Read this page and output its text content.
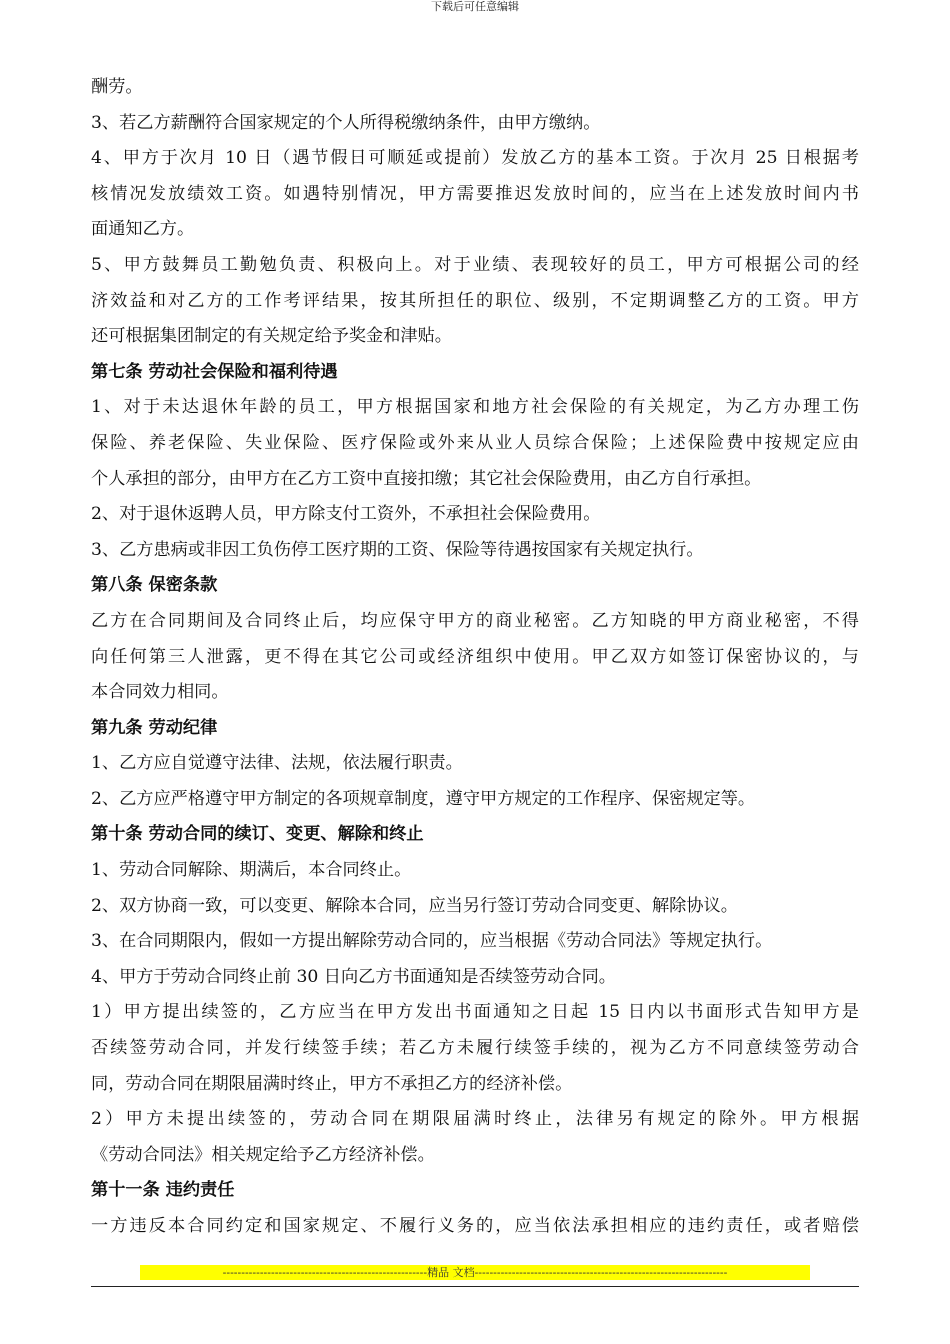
下载后可任意编辑
酬劳。
3、若乙方薪酬符合国家规定的个人所得税缴纳条件，由甲方缴纳。
4、甲方于次月 10 日（遇节假日可顺延或提前）发放乙方的基本工资。于次月 25 日根据考
核情况发放绩效工资。如遇特别情况，甲方需要推迟发放时间的，应当在上述发放时间内书
面通知乙方。
5、甲方鼓舞员工勤勉负责、积极向上。对于业绩、表现较好的员工，甲方可根据公司的经
济效益和对乙方的工作考评结果，按其所担任的职位、级别，不定期调整乙方的工资。甲方
还可根据集团制定的有关规定给予奖金和津贴。
第七条 劳动社会保险和福利待遇
1、对于未达退休年龄的员工，甲方根据国家和地方社会保险的有关规定，为乙方办理工伤
保险、养老保险、失业保险、医疗保险或外来从业人员综合保险；上述保险费中按规定应由
个人承担的部分，由甲方在乙方工资中直接扣缴；其它社会保险费用，由乙方自行承担。
2、对于退休返聘人员，甲方除支付工资外，不承担社会保险费用。
3、乙方患病或非因工负伤停工医疗期的工资、保险等待遇按国家有关规定执行。
第八条 保密条款
乙方在合同期间及合同终止后，均应保守甲方的商业秘密。乙方知晓的甲方商业秘密，不得
向任何第三人泄露，更不得在其它公司或经济组织中使用。甲乙双方如签订保密协议的，与
本合同效力相同。
第九条 劳动纪律
1、乙方应自觉遵守法律、法规，依法履行职责。
2、乙方应严格遵守甲方制定的各项规章制度，遵守甲方规定的工作程序、保密规定等。
第十条 劳动合同的续订、变更、解除和终止
1、劳动合同解除、期满后，本合同终止。
2、双方协商一致，可以变更、解除本合同，应当另行签订劳动合同变更、解除协议。
3、在合同期限内，假如一方提出解除劳动合同的，应当根据《劳动合同法》等规定执行。
4、甲方于劳动合同终止前 30 日向乙方书面通知是否续签劳动合同。
1）甲方提出续签的，乙方应当在甲方发出书面通知之日起 15 日内以书面形式告知甲方是
否续签劳动合同，并发行续签手续；若乙方未履行续签手续的，视为乙方不同意续签劳动合
同，劳动合同在期限届满时终止，甲方不承担乙方的经济补偿。
2）甲方未提出续签的，劳动合同在期限届满时终止，法律另有规定的除外。甲方根据
《劳动合同法》相关规定给予乙方经济补偿。
第十一条 违约责任
一方违反本合同约定和国家规定、不履行义务的，应当依法承担相应的违约责任，或者赔偿
-------------------------------------------------------精品 文档--------------------------------------------------------------------
